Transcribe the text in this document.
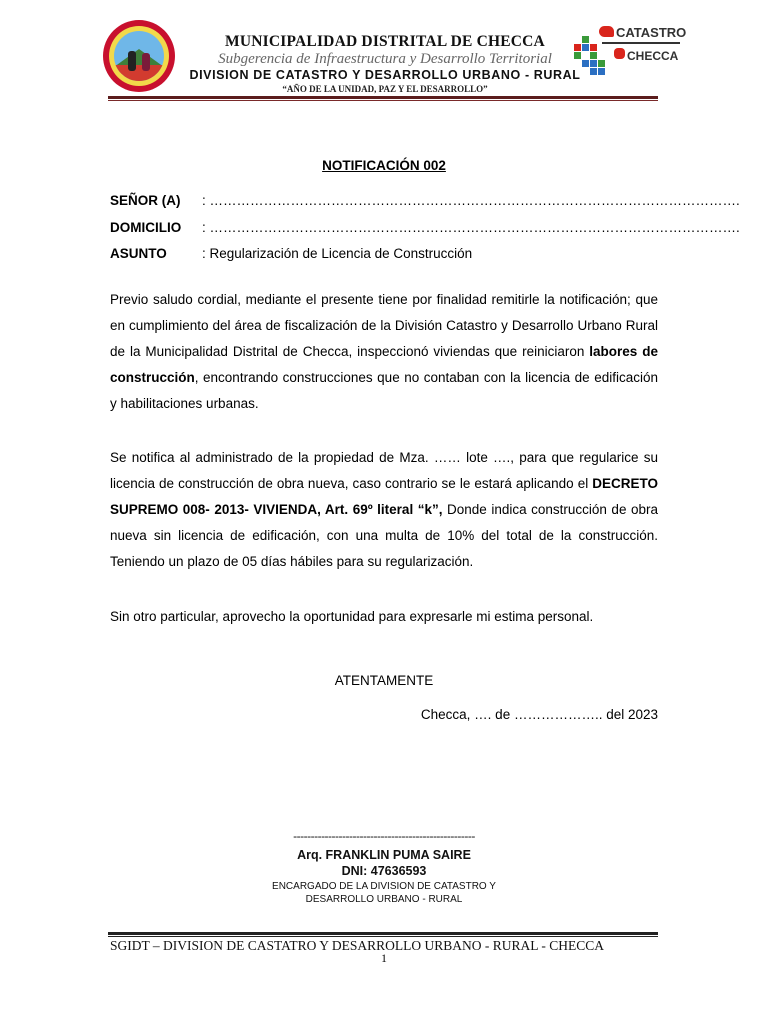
MUNICIPALIDAD DISTRITAL DE CHECCA
Subgerencia de Infraestructura y Desarrollo Territorial
DIVISION DE CATASTRO Y DESARROLLO URBANO - RURAL
“AÑO DE LA UNIDAD, PAZ Y EL DESARROLLO”
CATASTRO
CHECCA
NOTIFICACIÓN 002
SEÑOR (A) : ……………………………………………………………………………………………………….
DOMICILIO : ……………………………………………………………………………………………………….
ASUNTO	: Regularización de Licencia de Construcción
Previo saludo cordial, mediante el presente tiene por finalidad remitirle la notificación; que en cumplimiento del área de fiscalización de la División Catastro y Desarrollo Urbano Rural de la Municipalidad Distrital de Checca, inspeccionó viviendas que reiniciaron labores de construcción, encontrando construcciones que no contaban con la licencia de edificación y habilitaciones urbanas.
Se notifica al administrado de la propiedad de Mza. …… lote …., para que regularice su licencia de construcción de obra nueva, caso contrario se le estará aplicando el DECRETO SUPREMO 008- 2013- VIVIENDA, Art. 69º literal “k”, Donde indica construcción de obra nueva sin licencia de edificación, con una multa de 10% del total de la construcción. Teniendo un plazo de 05 días hábiles para su regularización.
Sin otro particular, aprovecho la oportunidad para expresarle mi estima personal.
ATENTAMENTE
Checca, …. de ……………….. del 2023
----------------------------------------------------
Arq. FRANKLIN PUMA SAIRE
DNI: 47636593
ENCARGADO DE LA DIVISION DE CATASTRO Y
DESARROLLO URBANO - RURAL
SGIDT – DIVISION DE CASTATRO Y DESARROLLO URBANO - RURAL - CHECCA
1
